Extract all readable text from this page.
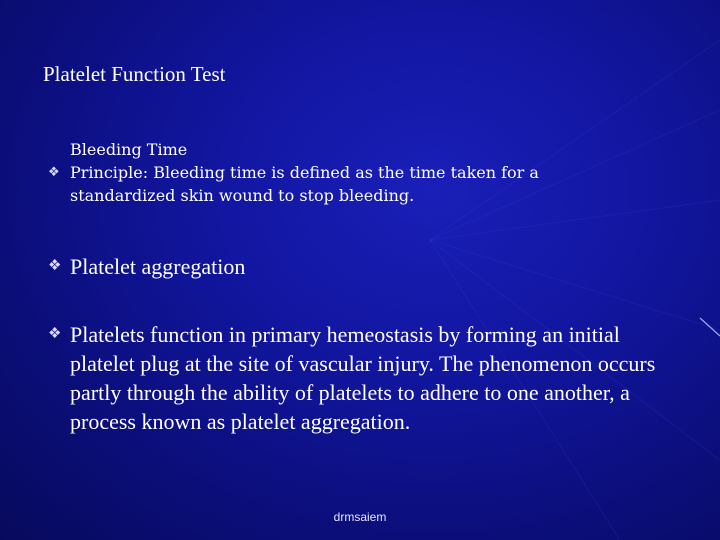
Platelet Function Test
Bleeding Time
❖ Principle: Bleeding time is defined as the time taken for a standardized skin wound to stop bleeding.
❖ Platelet aggregation
❖ Platelets function in primary hemeostasis by forming an initial platelet plug at the site of vascular injury. The phenomenon occurs partly through the ability of platelets to adhere to one another, a process known as platelet aggregation.
drmsaiem
